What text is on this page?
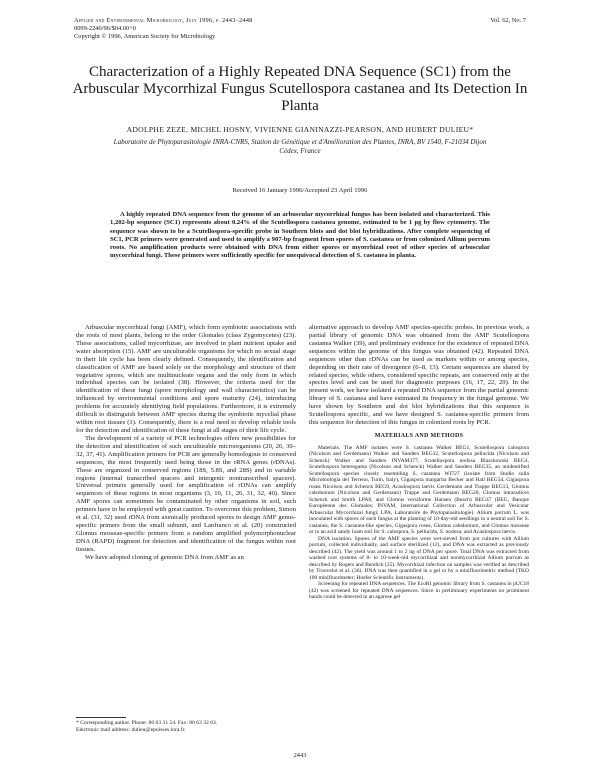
Applied and Environmental Microbiology, July 1996, p. 2443–2448
0099-2240/96/$04.00+0
Copyright © 1996, American Society for Microbiology
Vol. 62, No. 7
Characterization of a Highly Repeated DNA Sequence (SC1) from the Arbuscular Mycorrhizal Fungus Scutellospora castanea and Its Detection In Planta
ADOLPHE ZEZE, MICHEL HOSNY, VIVIENNE GIANINAZZI-PEARSON, AND HUBERT DULIEU*
Laboratoire de Phytoparasitologie INRA-CNRS, Station de Génétique et d'Amélioration des Plantes, INRA, BV 1540, F-21034 Dijon Cédex, France
Received 16 January 1996/Accepted 23 April 1996
A highly repeated DNA sequence from the genome of an arbuscular mycorrhizal fungus has been isolated and characterized. This 1,202-bp sequence (SC1) represents about 0.24% of the Scutellospora castanea genome, estimated to be 1 pg by flow cytometry. The sequence was shown to be a Scutellospora-specific probe in Southern blots and dot blot hybridizations. After complete sequencing of SC1, PCR primers were generated and used to amplify a 907-bp fragment from spores of S. castanea or from colonized Allium porrum roots. No amplification products were obtained with DNA from either spores or myorrhizal root of other species of arbuscular mycorrhizal fungi. These primers were sufficiently specific for unequivocal detection of S. castanea in planta.

Arbuscular mycorrhizal fungi (AMF), which form symbiotic associations with the roots of most plants, belong to the order Glomales (class Zygomycetes) (23). These associations, called mycorrhizae, are involved in plant nutrient uptake and water absorption (15). AMF are unculturable organisms for which no sexual stage in their life cycle has been clearly defined. Consequently, the identification and classification of AMF are based solely on the morphology and structure of their vegetative spores, which are multinucleate organs and the only form in which individual species can be isolated (38). However, the criteria used for the identification of these fungi (spore morphology and wall characteristics) can be influenced by environmental conditions and spore maturity (24), introducing problems for accurately identifying field populations. Furthermore, it is extremely difficult to distinguish between AMF species during the symbiotic mycelial phase within root tissues (1). Consequently, there is a real need to develop reliable tools for the detection and identification of these fungi at all stages of their life cycle.

The development of a variety of PCR technologies offers new possibilities for the detection and identification of such unculturable microorganisms (20, 26, 30–32, 37, 41). Amplification primers for PCR are generally homologous to conserved sequences, the most frequently used being those in the rRNA genes (rDNAs). These are organized in conserved regions (18S, 5.8S, and 28S) and in variable regions (internal transcribed spacers and intergenic nontranscribed spacers). Universal primers generally used for amplification of rDNAs can amplify sequences of these regions in most organisms (3, 10, 11, 26, 31, 32, 40). Since AMF spores can sometimes be contaminated by other organisms in soil, such primers have to be employed with great caution. To overcome this problem, Simon et al. (31, 32) used rDNA from axenically produced spores to design AMF genus-specific primers from the small subunit, and Lanfranco et al. (20) constructed Glomus mosseae-specific primers from a random amplified polymorphonuclear DNA (RAPD) fragment for detection and identification of the fungus within root tissues.

We have adopted cloning of genomic DNA from AMF as an

alternative approach to develop AMF species-specific probes. In previous work, a partial library of genomic DNA was obtained from the AMF Scutellospora castanea Walker (39), and preliminary evidence for the existence of repeated DNA sequences within the genome of this fungus was obtained (42). Repeated DNA sequences other than rDNAs can be used as markers within or among species, depending on their rate of divergence (6–8, 13). Certain sequences are shared by related species, while others, considered specific repeats, are conserved only at the species level and can be used for diagnostic purposes (16, 17, 22, 29). In the present work, we have isolated a repeated DNA sequence from the partial genomic library of S. castanea and have estimated its frequency in the fungal genome. We have shown by Southern and dot blot hybridizations that this sequence is Scutellospora specific, and we have designed S. castanea-specific primers from this sequence for detection of this fungus in colonized roots by PCR.

MATERIALS AND METHODS

Materials. The AMF isolates were S. castanea Walker BEG1, Scutellospora calospora (Nicolson and Gerdemann) Walker and Sanders BEG32, Scutellospora pellucida (Nicolson and Schenck) Walker and Sanders INVAM377, Scutellospora nodosa Blaszkowski BEG4, Scutellospora heterogama (Nicolson and Schenck) Walker and Sanders BEG35, an unidentified Scutellospora species closely resembling S. castanea WI727 (isolate from Studio sulla Microbiologia del Terreno, Turin, Italy), Gigaspora margarita Becker and Hall BEG34, Gigaspora rosea Nicolson and Schenck BEG9, Acaulospora laevis Gerdemann and Trappe BEG13, Glomus caledonium (Nicolson and Gerdemann) Trappe and Gerdemann BEG20, Glomus intraradices Schenck and Smith LPA8, and Glomus versiforme Hansen (Beach) BEG47 (BEG, Banque Européenne des Glomales; INVAM, International Collection of Arbuscular and Vesicular Arbuscular Mycorrhizal fungi; LPA, Laboratoire de Phytoparasitologie). Allium porrum L. was inoculated with spores of each fungus at the planting of 10-day-old seedlings in a neutral soil for S. castanea, the S. castanea-like species, Gigaspora rosea, Glomus caledonium, and Glomus mosseae or in an acid sandy loam soil for S. calospora, S. pellucida, S. nodosa, and Acaulospora laevis.

DNA isolation. Spores of the AMF species were wet-sieved from pot cultures with Allium porrum, collected individually, and surface sterilized (12), and DNA was extracted as previously described (42). The yield was around 1 to 2 ng of DNA per spore. Total DNA was extracted from washed root systems of 8- to 10-week-old mycorrhizal and nonmycorrhizal Allium porrum as described by Rogers and Bendich (25). Mycorrhizal infection on samples was verified as described by Trouvelot et al. (36). DNA was then quantified in a gel or by a minifluorimetric method (TKO 100 minifluorimeter; Hoefer Scientific Instruments).

Screening for repeated DNA sequences. The EcoRI genomic library from S. castanea in pUC18 (42) was screened for repeated DNA sequences. Since in preliminary experiments no prominent bands could be detected in an agarose gel

* Corresponding author. Phone: 80 63 31 54. Fax: 80 63 32 63.
Electronic mail address: dulieu@epoisses.inra.fr.
2443
